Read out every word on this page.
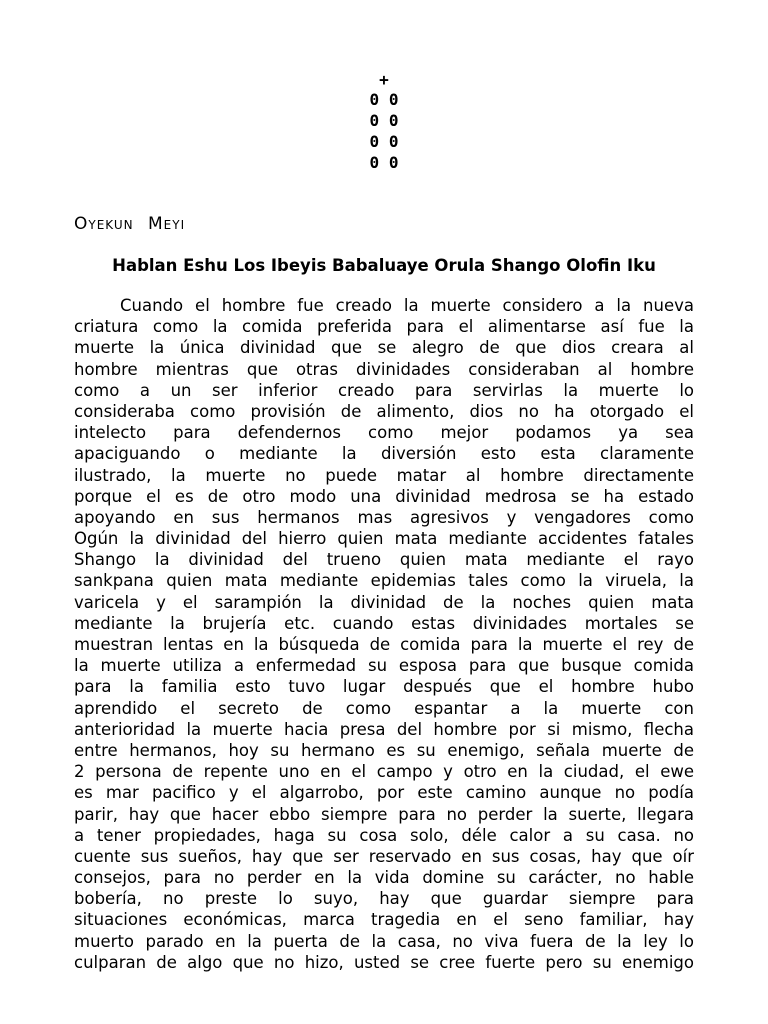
+
0 0
0 0
0 0
0 0
Oyekun Meyi
Hablan Eshu Los Ibeyis Babaluaye Orula Shango Olofin Iku
Cuando el hombre fue creado la muerte considero a la nueva
criatura como la comida preferida para el alimentarse así fue la
muerte la única divinidad que se alegro de que dios creara al
hombre mientras que otras divinidades consideraban al hombre
como a un ser inferior creado para servirlas la muerte lo
consideraba como provisión de alimento, dios no ha otorgado el
intelecto para defendernos como mejor podamos ya sea
apaciguando o mediante la diversión esto esta claramente
ilustrado, la muerte no puede matar al hombre directamente
porque el es de otro modo una divinidad medrosa se ha estado
apoyando en sus hermanos mas agresivos y vengadores como
Ogún la divinidad del hierro quien mata mediante accidentes fatales
Shango la divinidad del trueno quien mata mediante el rayo
sankpana quien mata mediante epidemias tales como la viruela, la
varicela y el sarampión la divinidad de la noches quien mata
mediante la brujería etc. cuando estas divinidades mortales se
muestran lentas en la búsqueda de comida para la muerte el rey de
la muerte utiliza a enfermedad su esposa para que busque comida
para la familia esto tuvo lugar después que el hombre hubo
aprendido el secreto de como espantar a la muerte con
anterioridad la muerte hacia presa del hombre por si mismo, flecha
entre hermanos, hoy su hermano es su enemigo, señala muerte de
2 persona de repente uno en el campo y otro en la ciudad, el ewe
es mar pacifico y el algarrobo, por este camino aunque no podía
parir, hay que hacer ebbo siempre para no perder la suerte, llegara
a tener propiedades, haga su cosa solo, déle calor a su casa. no
cuente sus sueños, hay que ser reservado en sus cosas, hay que oír
consejos, para no perder en la vida domine su carácter, no hable
bobería, no preste lo suyo, hay que guardar siempre para
situaciones económicas, marca tragedia en el seno familiar, hay
muerto parado en la puerta de la casa, no viva fuera de la ley lo
culparan de algo que no hizo, usted se cree fuerte pero su enemigo
